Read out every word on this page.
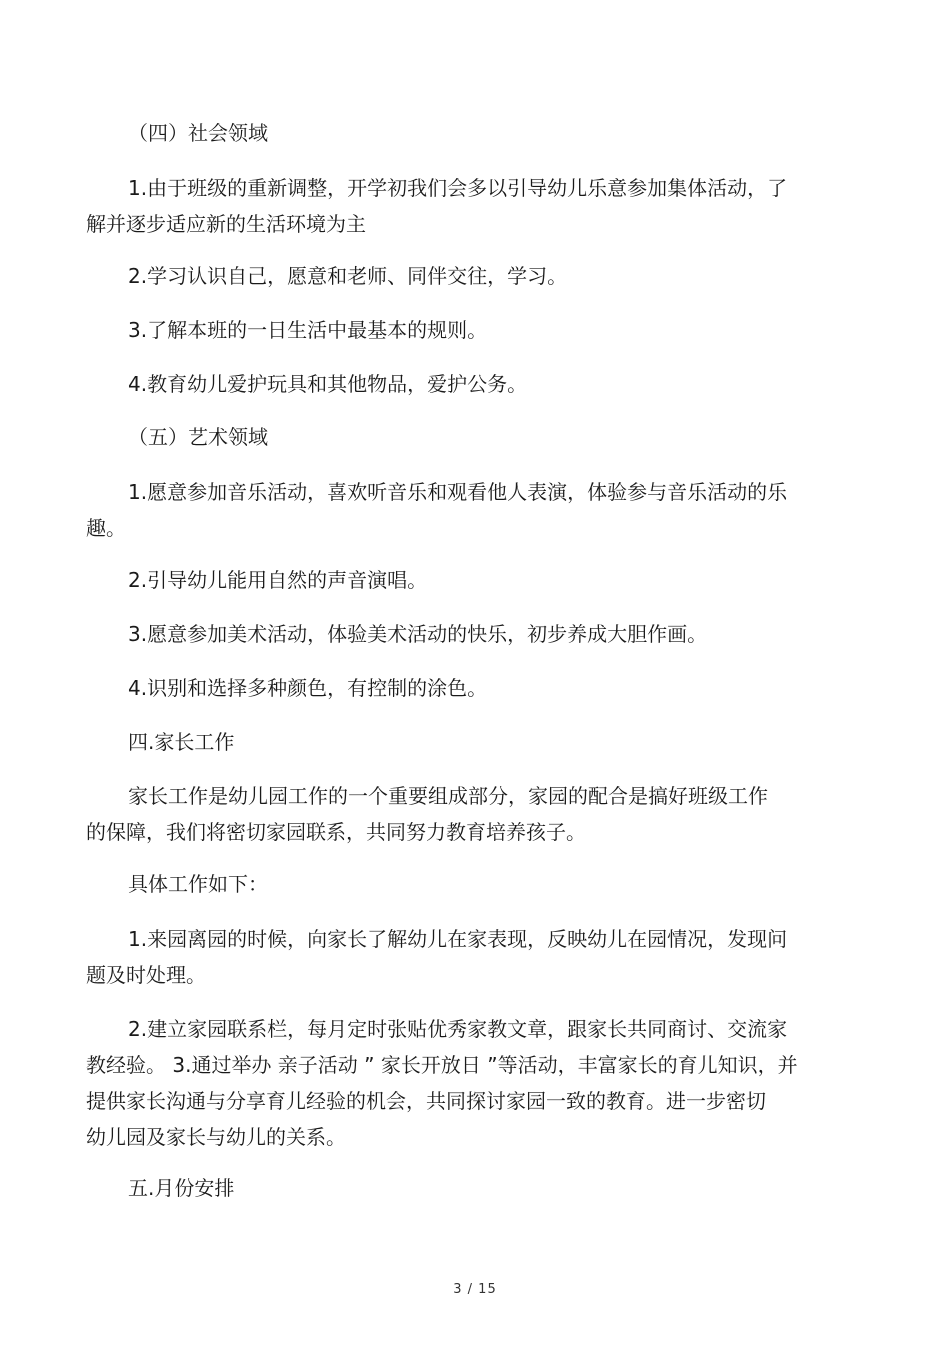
（四）社会领域

1.由于班级的重新调整，开学初我们会多以引导幼儿乐意参加集体活动，了
解并逐步适应新的生活环境为主

2.学习认识自己，愿意和老师、同伴交往，学习。

3.了解本班的一日生活中最基本的规则。

4.教育幼儿爱护玩具和其他物品，爱护公务。

（五）艺术领域

1.愿意参加音乐活动，喜欢听音乐和观看他人表演，体验参与音乐活动的乐
趣。

2.引导幼儿能用自然的声音演唱。

3.愿意参加美术活动，体验美术活动的快乐，初步养成大胆作画。

4.识别和选择多种颜色，有控制的涂色。

四.家长工作

家长工作是幼儿园工作的一个重要组成部分，家园的配合是搞好班级工作
的保障，我们将密切家园联系，共同努力教育培养孩子。

具体工作如下：

1.来园离园的时候，向家长了解幼儿在家表现，反映幼儿在园情况，发现问
题及时处理。

2.建立家园联系栏，每月定时张贴优秀家教文章，跟家长共同商讨、交流家
教经验。 3.通过举办 亲子活动 ” 家长开放日 ”等活动，丰富家长的育儿知识，并
提供家长沟通与分享育儿经验的机会，共同探讨家园一致的教育。进一步密切
幼儿园及家长与幼儿的关系。

五.月份安排

3 / 15
